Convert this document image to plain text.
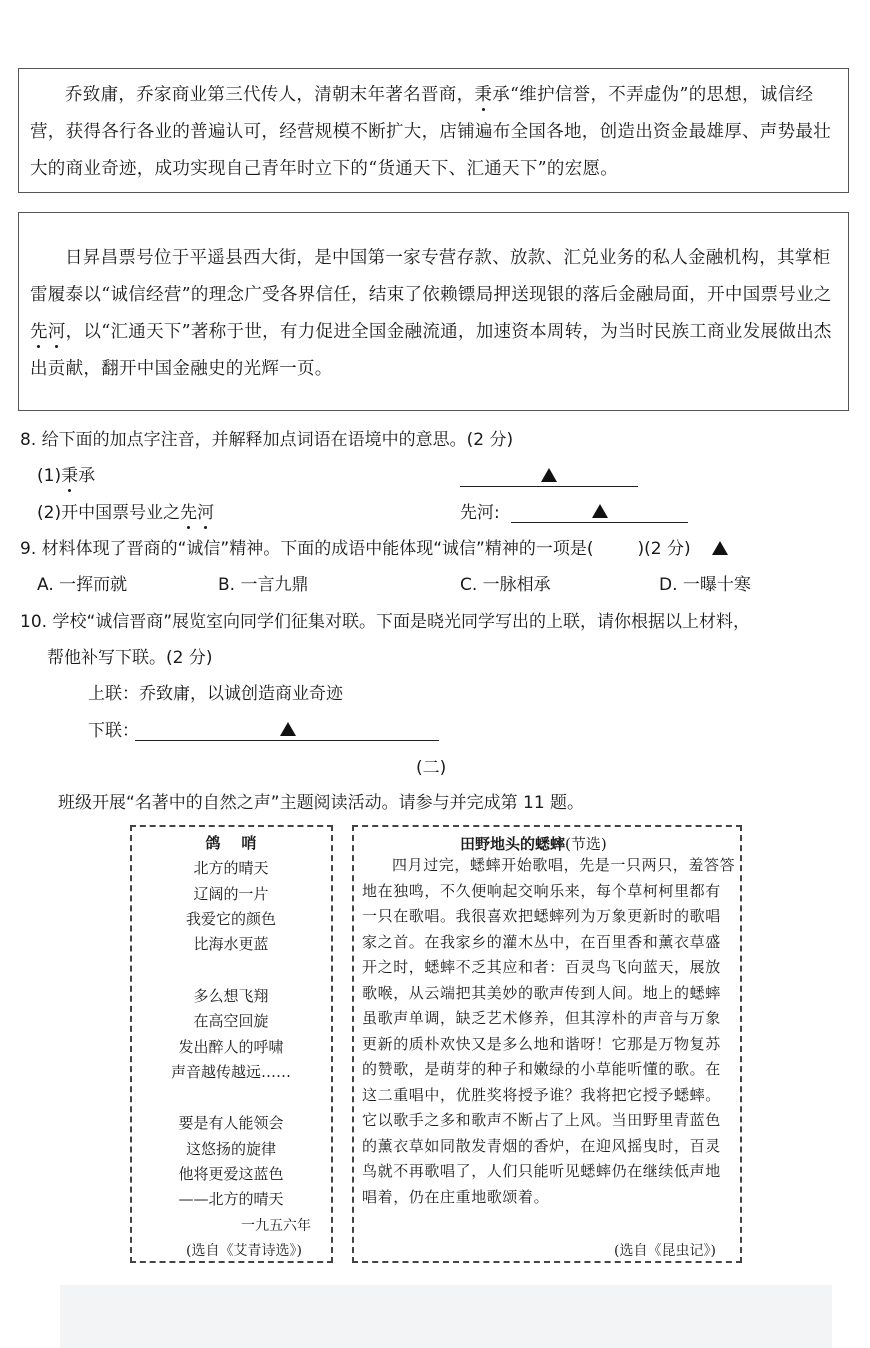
乔致庸，乔家商业第三代传人，清朝末年著名晋商，秉承“维护信誉，不弄虚伪”的思想，诚信经营，获得各行各业的普遍认可，经营规模不断扩大，店铺遍布全国各地，创造出资金最雄厚、声势最壮大的商业奇迹，成功实现自己青年时立下的“货通天下、汇通天下”的宏愿。

日昇昌票号位于平遥县西大街，是中国第一家专营存款、放款、汇兑业务的私人金融机构，其掌柜雷履泰以“诚信经营”的理念广受各界信任，结束了依赖镖局押送现银的落后金融局面，开中国票号业之先河，以“汇通天下”著称于世，有力促进全国金融流通，加速资本周转，为当时民族工商业发展做出杰出贡献，翻开中国金融史的光辉一页。

8. 给下面的加点字注音，并解释加点词语在语境中的意思。(2 分)
(1)秉承
(2)开中国票号业之先河	先河:
9. 材料体现了晋商的“诚信”精神。下面的成语中能体现“诚信”精神的一项是(	)(2 分)
A. 一挥而就	B. 一言九鼎	C. 一脉相承	D. 一曝十寒
10. 学校“诚信晋商”展览室向同学们征集对联。下面是晓光同学写出的上联，请你根据以上材料，
帮他补写下联。(2 分)
上联：乔致庸，以诚创造商业奇迹
下联：
(二)
班级开展“名著中的自然之声”主题阅读活动。请参与并完成第 11 题。
鸽    哨
北方的晴天
辽阔的一片
我爱它的颜色
比海水更蓝
多么想飞翔
在高空回旋
发出醉人的呼啸
声音越传越远……
要是有人能领会
这悠扬的旋律
他将更爱这蓝色
——北方的晴天
一九五六年
(选自《艾青诗选》)
田野地头的蟋蟀(节选)

四月过完，蟋蟀开始歌唱，先是一只两只，羞答答地在独鸣，不久便响起交响乐来，每个草柯柯里都有一只在歌唱。我很喜欢把蟋蟀列为万象更新时的歌唱家之首。在我家乡的灌木丛中，在百里香和薰衣草盛开之时，蟋蟀不乏其应和者：百灵鸟飞向蓝天，展放歌喉，从云端把其美妙的歌声传到人间。地上的蟋蟀虽歌声单调，缺乏艺术修养，但其淳朴的声音与万象更新的质朴欢快又是多么地和谐呀！它那是万物复苏的赞歌，是萌芽的种子和嫩绿的小草能听懂的歌。在这二重唱中，优胜奖将授予谁？我将把它授予蟋蟀。它以歌手之多和歌声不断占了上风。当田野里青蓝色的薰衣草如同散发青烟的香炉，在迎风摇曳时，百灵鸟就不再歌唱了，人们只能听见蟋蟀仍在继续低声地唱着，仍在庄重地歌颂着。

(选自《昆虫记》)
